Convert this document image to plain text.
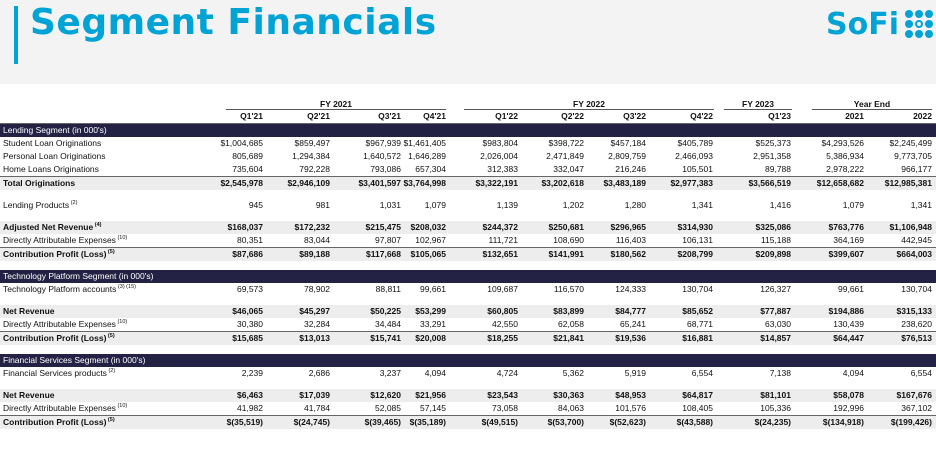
Segment Financials	SoFi
FY 2021	FY 2022	FY 2023	Year End
Q1'21	Q2'21	Q3'21	Q4'21	Q1'22	Q2'22	Q3'22	Q4'22	Q1'23	2021	2022
Lending Segment (in 000's)
Student Loan Originations	$1,004,685	$859,497	$967,939 $1,461,405	$983,804	$398,722	$457,184	$405,789	$525,373	$4,293,526	$2,245,499
Personal Loan Originations	805,689	1,294,384	1,640,572 1,646,289	2,026,004	2,471,849	2,809,759	2,466,093	2,951,358	5,386,934	9,773,705
Home Loans Originations	735,604	792,228	793,086	657,304	312,383	332,047	216,246	105,501	89,788	2,978,222	966,177
Total Originations	$2,545,978	$2,946,109	$3,401,597 $3,764,998	$3,322,191	$3,202,618	$3,483,189	$2,977,383	$3,566,519	$12,658,682	$12,985,381
Lending Products $^{(2)}$	945	981	1,031	1,079	1,139	1,202	1,280	1,341	1,416	1,079	1,341
Adjusted Net Revenue $^{(4)}$	$168,037	$172,232	$215,475	$208,032	$244,372	$250,681	$296,965	$314,930	$325,086	$763,776	$1,106,948
Directly Attributable Expenses $^{(10)}$	80,351	83,044	97,807	102,967	111,721	108,690	116,403	106,131	115,188	364,169	442,945
Contribution Profit (Loss) $^{(5)}$	$87,686	$89,188	$117,668	$105,065	$132,651	$141,991	$180,562	$208,799	$209,898	$399,607	$664,003
Technology Platform Segment (in 000's)
Technology Platform accounts $^{(3) (15)}$	69,573	78,902	88,811	99,661	109,687	116,570	124,333	130,704	126,327	99,661	130,704
Net Revenue	$46,065	$45,297	$50,225	$53,299	$60,805	$83,899	$84,777	$85,652	$77,887	$194,886	$315,133
Directly Attributable Expenses $^{(10)}$	30,380	32,284	34,484	33,291	42,550	62,058	65,241	68,771	63,030	130,439	238,620
Contribution Profit (Loss) $^{(5)}$	$15,685	$13,013	$15,741	$20,008	$18,255	$21,841	$19,536	$16,881	$14,857	$64,447	$76,513
Financial Services Segment (in 000's)
Financial Services products $^{(2)}$	2,239	2,686	3,237	4,094	4,724	5,362	5,919	6,554	7,138	4,094	6,554
Net Revenue	$6,463	$17,039	$12,620	$21,956	$23,543	$30,363	$48,953	$64,817	$81,101	$58,078	$167,676
Directly Attributable Expenses $^{(10)}$	41,982	41,784	52,085	57,145	73,058	84,063	101,576	108,405	105,336	192,996	367,102
Contribution Profit (Loss) $^{(5)}$	$(35,519)	$(24,745)	$(39,465)	$(35,189)	$(49,515)	$(53,700)	$(52,623)	$(43,588)	$(24,235)	$(134,918)	$(199,426)
